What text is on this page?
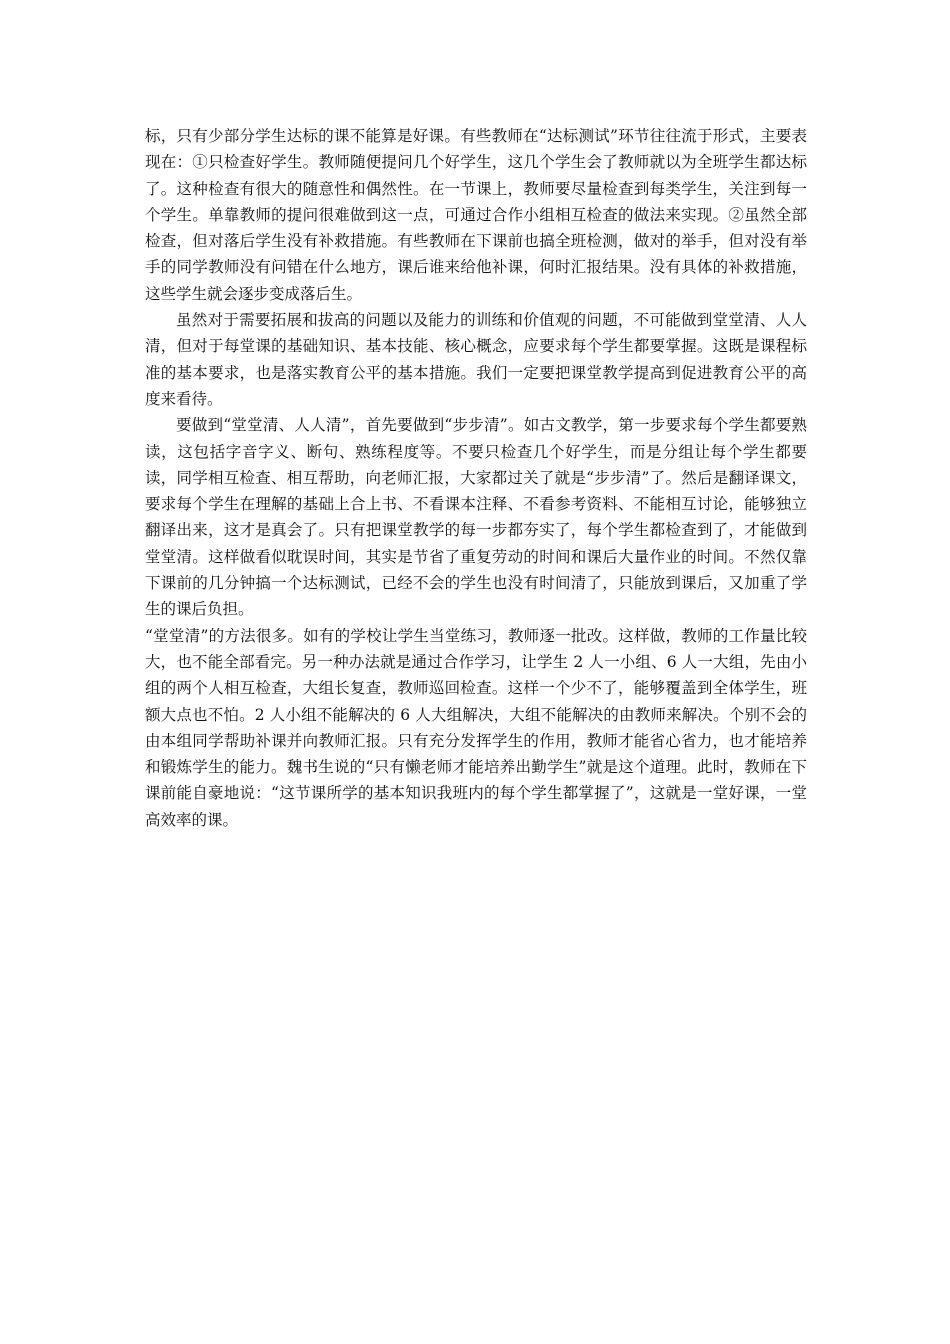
标，只有少部分学生达标的课不能算是好课。有些教师在“达标测试”环节往往流于形式，主要表现在：①只检查好学生。教师随便提问几个好学生，这几个学生会了教师就以为全班学生都达标了。这种检查有很大的随意性和偶然性。在一节课上，教师要尽量检查到每类学生，关注到每一个学生。单靠教师的提问很难做到这一点，可通过合作小组相互检查的做法来实现。②虽然全部检查，但对落后学生没有补救措施。有些教师在下课前也搞全班检测，做对的举手，但对没有举手的同学教师没有问错在什么地方，课后谁来给他补课，何时汇报结果。没有具体的补救措施，这些学生就会逐步变成落后生。

虽然对于需要拓展和拔高的问题以及能力的训练和价值观的问题，不可能做到堂堂清、人人清，但对于每堂课的基础知识、基本技能、核心概念，应要求每个学生都要掌握。这既是课程标准的基本要求，也是落实教育公平的基本措施。我们一定要把课堂教学提高到促进教育公平的高度来看待。

要做到“堂堂清、人人清”，首先要做到“步步清”。如古文教学，第一步要求每个学生都要熟读，这包括字音字义、断句、熟练程度等。不要只检查几个好学生，而是分组让每个学生都要读，同学相互检查、相互帮助，向老师汇报，大家都过关了就是“步步清”了。然后是翻译课文，要求每个学生在理解的基础上合上书、不看课本注释、不看参考资料、不能相互讨论，能够独立翻译出来，这才是真会了。只有把课堂教学的每一步都夯实了，每个学生都检查到了，才能做到堂堂清。这样做看似耽误时间，其实是节省了重复劳动的时间和课后大量作业的时间。不然仅靠下课前的几分钟搞一个达标测试，已经不会的学生也没有时间清了，只能放到课后，又加重了学生的课后负担。

“堂堂清”的方法很多。如有的学校让学生当堂练习，教师逐一批改。这样做，教师的工作量比较大，也不能全部看完。另一种办法就是通过合作学习，让学生 2 人一小组、6 人一大组，先由小组的两个人相互检查，大组长复查，教师巡回检查。这样一个少不了，能够覆盖到全体学生，班额大点也不怕。2 人小组不能解决的 6 人大组解决，大组不能解决的由教师来解决。个别不会的由本组同学帮助补课并向教师汇报。只有充分发挥学生的作用，教师才能省心省力，也才能培养和锻炼学生的能力。魏书生说的“只有懒老师才能培养出勤学生”就是这个道理。此时，教师在下课前能自豪地说：“这节课所学的基本知识我班内的每个学生都掌握了”，这就是一堂好课，一堂高效率的课。
